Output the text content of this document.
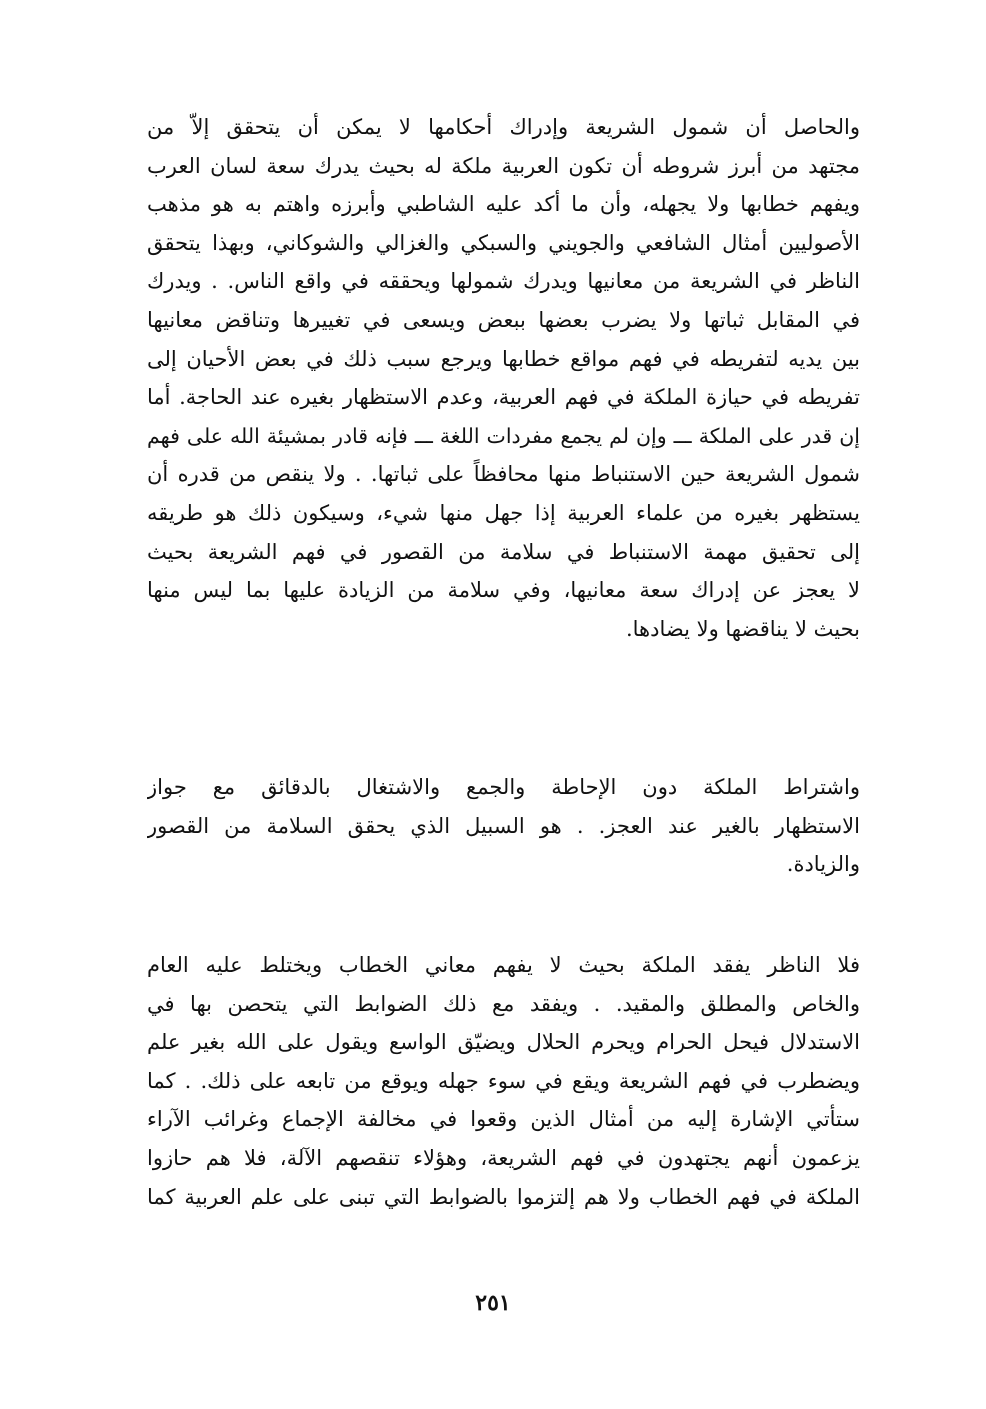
والحاصل أن شمول الشريعة وإدراك أحكامها لا يمكن أن يتحقق إلاّ من
مجتهد من أبرز شروطه أن تكون العربية ملكة له بحيث يدرك سعة لسان العرب
ويفهم خطابها ولا يجهله، وأن ما أكد عليه الشاطبي وأبرزه واهتم به هو مذهب
الأصوليين أمثال الشافعي والجويني والسبكي والغزالي والشوكاني، وبهذا يتحقق
الناظر في الشريعة من معانيها ويدرك شمولها ويحققه في واقع الناس. . ويدرك
في المقابل ثباتها ولا يضرب بعضها ببعض ويسعى في تغييرها وتناقض معانيها
بين يديه لتفريطه في فهم مواقع خطابها ويرجع سبب ذلك في بعض الأحيان إلى
تفريطه في حيازة الملكة في فهم العربية، وعدم الاستظهار بغيره عند الحاجة. أما
إن قدر على الملكة ـــ وإن لم يجمع مفردات اللغة ـــ فإنه قادر بمشيئة الله على فهم
شمول الشريعة حين الاستنباط منها محافظاً على ثباتها. . ولا ينقص من قدره أن
يستظهر بغيره من علماء العربية إذا جهل منها شيء، وسيكون ذلك هو طريقه
إلى تحقيق مهمة الاستنباط في سلامة من القصور في فهم الشريعة بحيث
لا يعجز عن إدراك سعة معانيها، وفي سلامة من الزيادة عليها بما ليس منها
بحيث لا يناقضها ولا يضادها.
واشتراط الملكة دون الإحاطة والجمع والاشتغال بالدقائق مع جواز
الاستظهار بالغير عند العجز. . هو السبيل الذي يحقق السلامة من القصور
والزيادة.
فلا الناظر يفقد الملكة بحيث لا يفهم معاني الخطاب ويختلط عليه العام
والخاص والمطلق والمقيد. . ويفقد مع ذلك الضوابط التي يتحصن بها في
الاستدلال فيحل الحرام ويحرم الحلال ويضيّق الواسع ويقول على الله بغير علم
ويضطرب في فهم الشريعة ويقع في سوء جهله ويوقع من تابعه على ذلك. . كما
ستأتي الإشارة إليه من أمثال الذين وقعوا في مخالفة الإجماع وغرائب الآراء
يزعمون أنهم يجتهدون في فهم الشريعة، وهؤلاء تنقصهم الآلة، فلا هم حازوا
الملكة في فهم الخطاب ولا هم إلتزموا بالضوابط التي تبنى على علم العربية كما
٢٥١
